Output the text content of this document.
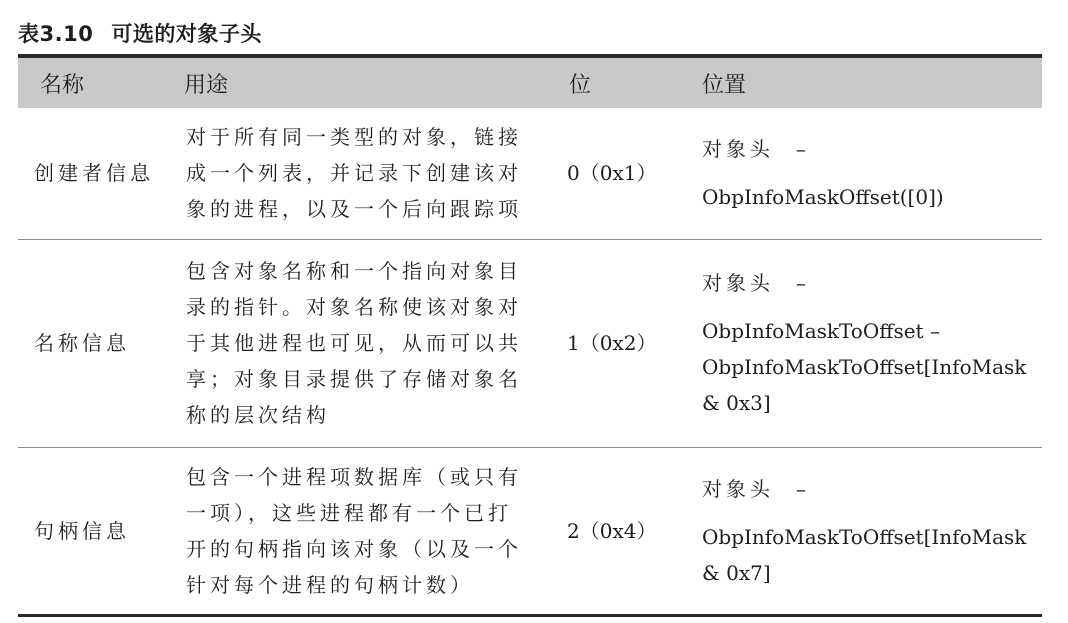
表3.10 可选的对象子头
名称	用途	位	位置
创建者信息	对于所有同一类型的对象，链接成一个列表，并记录下创建该对象的进程，以及一个后向跟踪项	0（0x1）	对象头 –
ObpInfoMaskOffset([0])

名称信息	包含对象名称和一个指向对象目录的指针。对象名称使该对象对于其他进程也可见，从而可以共享；对象目录提供了存储对象名称的层次结构	1（0x2）	对象头 –
ObpInfoMaskToOffset – ObpInfoMaskToOffset[InfoMask & 0x3]

句柄信息	包含一个进程项数据库（或只有一项），这些进程都有一个已打开的句柄指向该对象（以及一个针对每个进程的句柄计数）	2（0x4）	对象头 –
ObpInfoMaskToOffset[InfoMask & 0x7]
